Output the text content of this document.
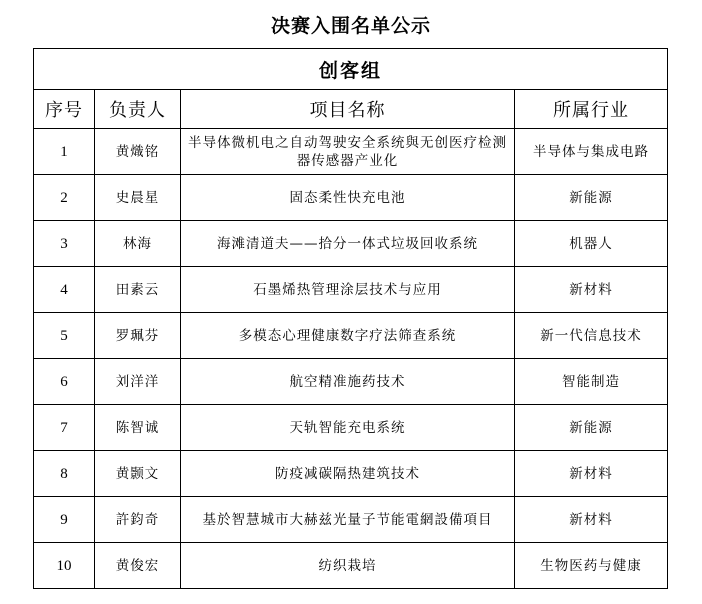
决赛入围名单公示
创客组			
序号	负责人	项目名称	所属行业
1	黄熾铭	半导体微机电之自动驾驶安全系统與无创医疗检测器传感器产业化	半导体与集成电路
2	史晨星	固态柔性快充电池	新能源
3	林海	海滩清道夫——拾分一体式垃圾回收系统	机器人
4	田素云	石墨烯热管理涂层技术与应用	新材料
5	罗珮芬	多模态心理健康数字疗法筛查系统	新一代信息技术
6	刘洋洋	航空精准施药技术	智能制造
7	陈智诚	天轨智能充电系统	新能源
8	黄颢文	防疫减碳隔热建筑技术	新材料
9	許鈞奇	基於智慧城市大赫兹光量子节能電網設備項目	新材料
10	黄俊宏	纺织栽培	生物医药与健康
